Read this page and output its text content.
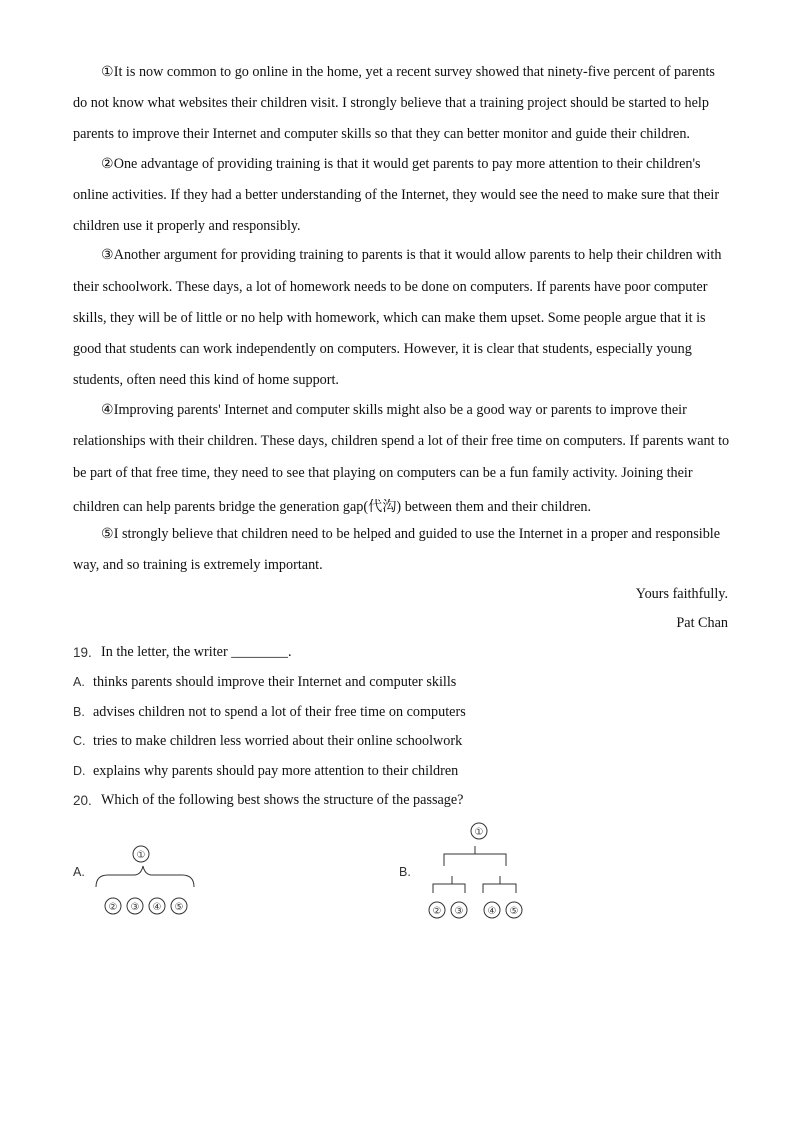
①It is now common to go online in the home, yet a recent survey showed that ninety-five percent of parents
do not know what websites their children visit. I strongly believe that a training project should be started to help
parents to improve their Internet and computer skills so that they can better monitor and guide their children.
②One advantage of providing training is that it would get parents to pay more attention to their children's
online activities. If they had a better understanding of the Internet, they would see the need to make sure that their
children use it properly and responsibly.
③Another argument for providing training to parents is that it would allow parents to help their children with
their schoolwork. These days, a lot of homework needs to be done on computers. If parents have poor computer
skills, they will be of little or no help with homework, which can make them upset. Some people argue that it is
good that students can work independently on computers. However, it is clear that students, especially young
students, often need this kind of home support.
④Improving parents' Internet and computer skills might also be a good way or parents to improve their
relationships with their children. These days, children spend a lot of their free time on computers. If parents want to
be part of that free time, they need to see that playing on computers can be a fun family activity. Joining their
children can help parents bridge the generation gap(代沟) between them and their children.
⑤I strongly believe that children need to be helped and guided to use the Internet in a proper and responsible
way, and so training is extremely important.
Yours faithfully.
Pat Chan
19. In the letter, the writer ________.
A. thinks parents should improve their Internet and computer skills
B. advises children not to spend a lot of their free time on computers
C. tries to make children less worried about their online schoolwork
D. explains why parents should pay more attention to their children
20. Which of the following best shows the structure of the passage?
A.
①
② ③ ④ ⑤
B.
①
② ③ ④ ⑤
